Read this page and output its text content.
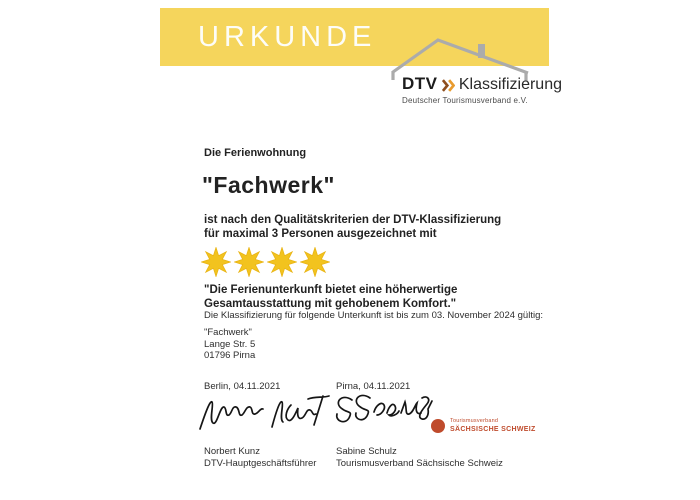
URKUNDE
DTV Klassifizierung
Deutscher Tourismusverband e.V.
Die Ferienwohnung
"Fachwerk"
ist nach den Qualitätskriterien der DTV-Klassifizierung
für maximal 3 Personen ausgezeichnet mit
"Die Ferienunterkunft bietet eine höherwertige
Gesamtausstattung mit gehobenem Komfort."
Die Klassifizierung für folgende Unterkunft ist bis zum 03. November 2024 gültig:
"Fachwerk"
Lange Str. 5
01796 Pirna
Berlin, 04.11.2021	Pirna, 04.11.2021
Tourismusverband
SÄCHSISCHE SCHWEIZ
Norbert Kunz
DTV-Hauptgeschäftsführer
Sabine Schulz
Tourismusverband Sächsische Schweiz
